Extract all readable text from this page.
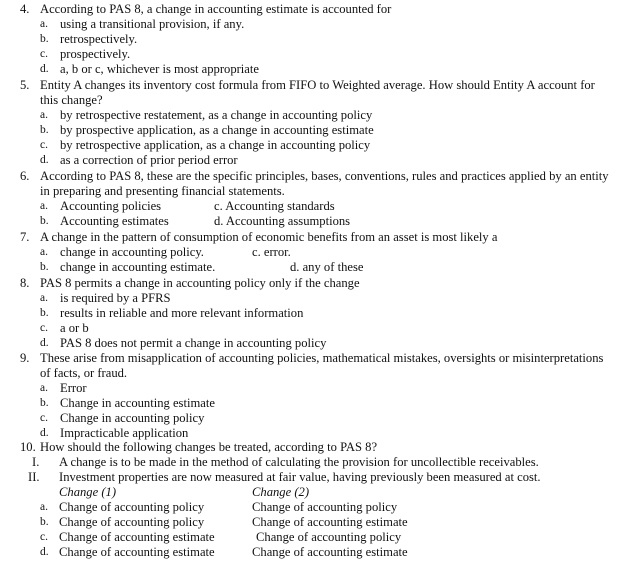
4. According to PAS 8, a change in accounting estimate is accounted for
a. using a transitional provision, if any.
b. retrospectively.
c. prospectively.
d. a, b or c, whichever is most appropriate
5. Entity A changes its inventory cost formula from FIFO to Weighted average. How should Entity A account for
this change?
a. by retrospective restatement, as a change in accounting policy
b. by prospective application, as a change in accounting estimate
c. by retrospective application, as a change in accounting policy
d. as a correction of prior period error
6. According to PAS 8, these are the specific principles, bases, conventions, rules and practices applied by an entity
in preparing and presenting financial statements.
a. Accounting policies	c. Accounting standards
b. Accounting estimates	d. Accounting assumptions
7. A change in the pattern of consumption of economic benefits from an asset is most likely a
a. change in accounting policy.	c. error.
b. change in accounting estimate.	d. any of these
8. PAS 8 permits a change in accounting policy only if the change
a. is required by a PFRS
b. results in reliable and more relevant information
c. a or b
d. PAS 8 does not permit a change in accounting policy
9. These arise from misapplication of accounting policies, mathematical mistakes, oversights or misinterpretations
of facts, or fraud.
a. Error
b. Change in accounting estimate
c. Change in accounting policy
d. Impracticable application
10. How should the following changes be treated, according to PAS 8?
I. A change is to be made in the method of calculating the provision for uncollectible receivables.
II. Investment properties are now measured at fair value, having previously been measured at cost.
Change (1)	Change (2)
a. Change of accounting policy	Change of accounting policy
b. Change of accounting policy	Change of accounting estimate
c. Change of accounting estimate	Change of accounting policy
d. Change of accounting estimate	Change of accounting estimate
